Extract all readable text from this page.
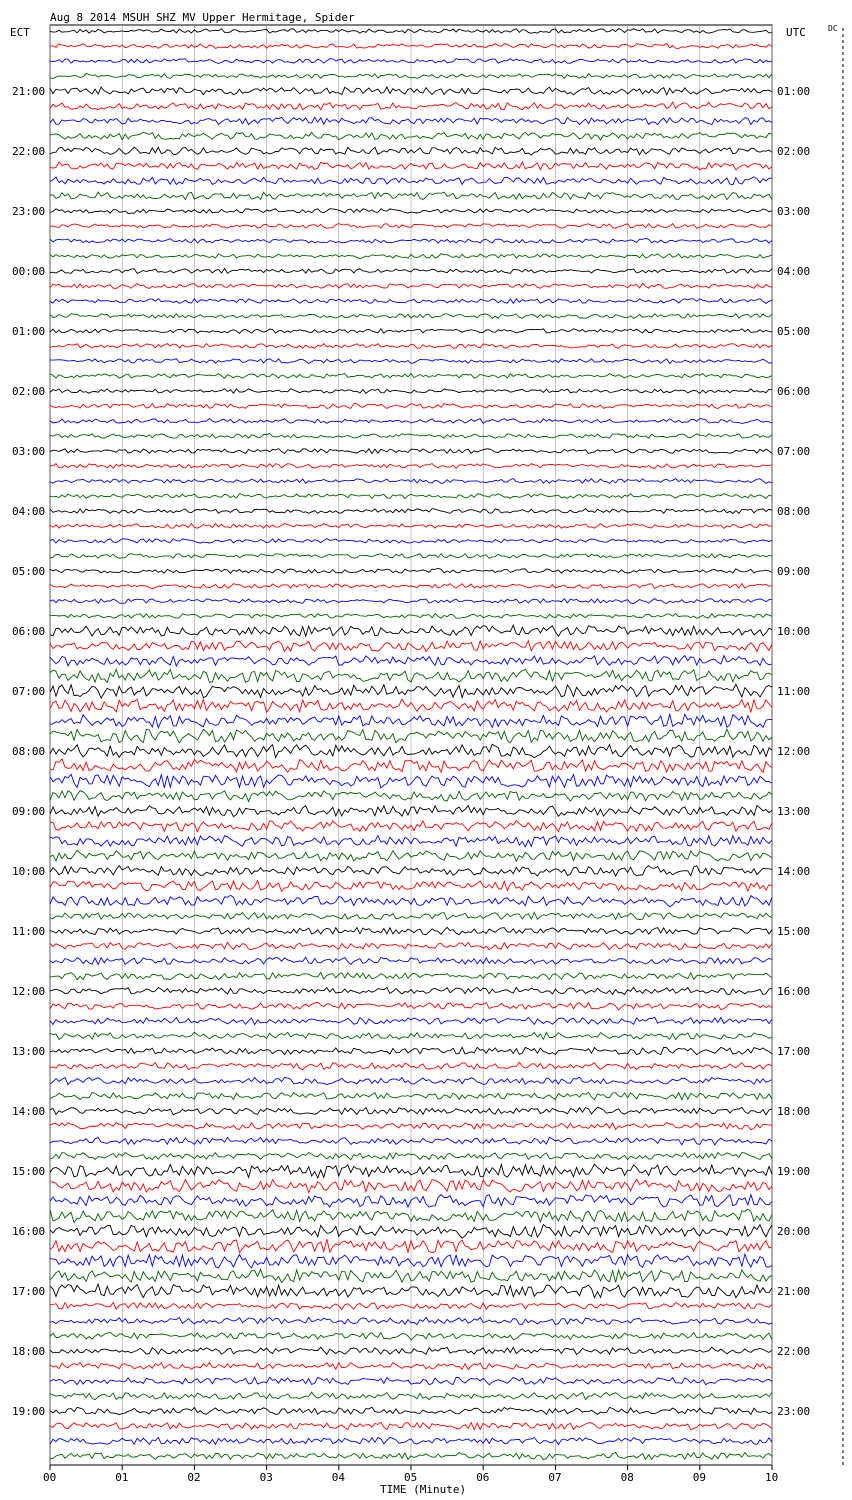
Aug 8 2014 MSUH SHZ MV Upper Hermitage, Spider
ECT	UTC	DC
21:00	01:00
22:00	02:00
23:00	03:00
00:00	04:00
01:00	05:00
02:00	06:00
03:00	07:00
04:00	08:00
05:00	09:00
06:00	10:00
07:00	11:00
08:00	12:00
09:00	13:00
10:00	14:00
11:00	15:00
12:00	16:00
13:00	17:00
14:00	18:00
15:00	19:00
16:00	20:00
17:00	21:00
18:00	22:00
19:00	23:00
00	01	02	03	04	05	06	07	08	09	10
TIME (Minute)
